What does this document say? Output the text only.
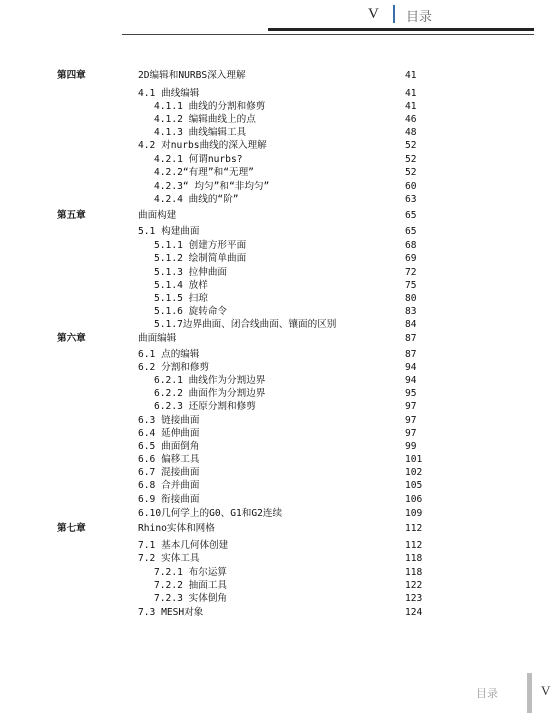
V 目录
第四章	2D编辑和NURBS深入理解	41
4.1 曲线编辑	41
4.1.1 曲线的分割和修剪	41
4.1.2 编辑曲线上的点	46
4.1.3 曲线编辑工具	48
4.2 对nurbs曲线的深入理解	52
4.2.1 何谓nurbs?	52
4.2.2“有理”和“无理”	52
4.2.3“ 均匀”和“非均匀”	60
4.2.4 曲线的“阶”	63
第五章	曲面构建	65
5.1 构建曲面	65
5.1.1 创建方形平面	68
5.1.2 绘制简单曲面	69
5.1.3 拉伸曲面	72
5.1.4 放样	75
5.1.5 扫琼	80
5.1.6 旋转命令	83
5.1.7边界曲面、闭合线曲面、镶面的区别	84
第六章	曲面编辑	87
6.1 点的编辑	87
6.2 分割和修剪	94
6.2.1 曲线作为分割边界	94
6.2.2 曲面作为分割边界	95
6.2.3 还原分割和修剪	97
6.3 链接曲面	97
6.4 延伸曲面	97
6.5 曲面倒角	99
6.6 偏移工具	101
6.7 混接曲面	102
6.8 合并曲面	105
6.9 衔接曲面	106
6.10几何学上的G0、G1和G2连续	109
第七章	Rhino实体和网格	112
7.1 基本几何体创建	112
7.2 实体工具	118
7.2.1 布尔运算	118
7.2.2 抽面工具	122
7.2.3 实体倒角	123
7.3 MESH对象	124
目录	V
